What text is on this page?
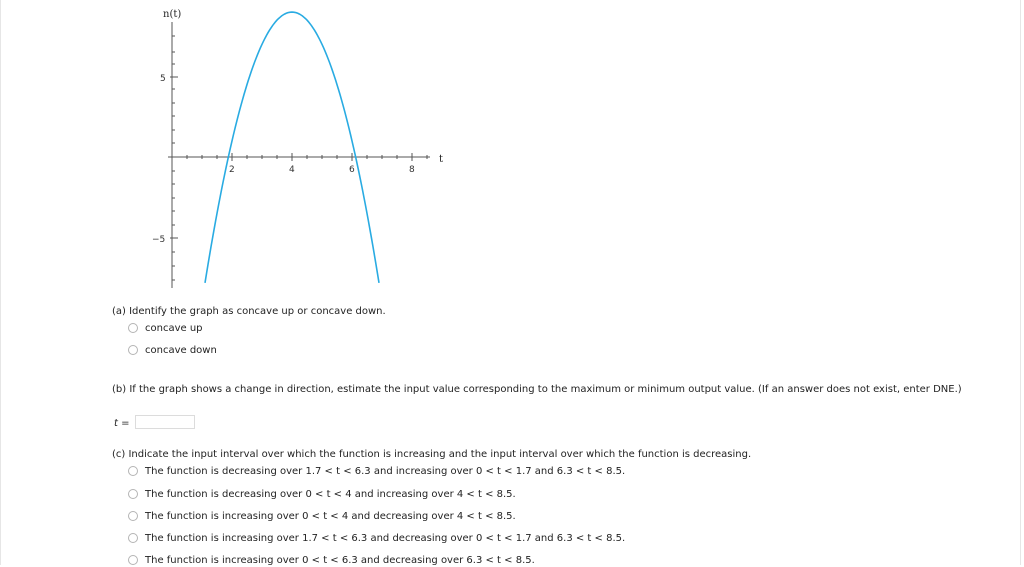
n(t)
t
2	4	6	8
5
−5
(a) Identify the graph as concave up or concave down.
concave up
concave down
(b) If the graph shows a change in direction, estimate the input value corresponding to the maximum or minimum output value. (If an answer does not exist, enter DNE.)
t =
(c) Indicate the input interval over which the function is increasing and the input interval over which the function is decreasing.
The function is decreasing over 1.7 < t < 6.3 and increasing over 0 < t < 1.7 and 6.3 < t < 8.5.
The function is decreasing over 0 < t < 4 and increasing over 4 < t < 8.5.
The function is increasing over 0 < t < 4 and decreasing over 4 < t < 8.5.
The function is increasing over 1.7 < t < 6.3 and decreasing over 0 < t < 1.7 and 6.3 < t < 8.5.
The function is increasing over 0 < t < 6.3 and decreasing over 6.3 < t < 8.5.
